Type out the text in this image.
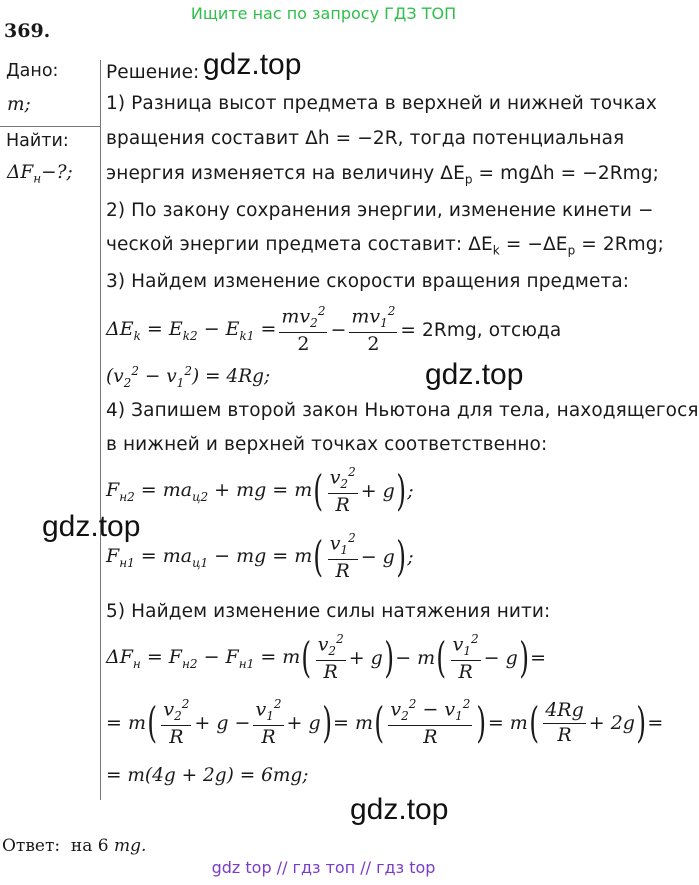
Ищите нас по запросу ГДЗ ТОП
369.
Дано:
m;
Найти:
$\Delta F_н-$?;
Решение:
1) Разница высот предмета в верхней и нижней точках
вращения составит Δh = −2R, тогда потенциальная
энергия изменяется на величину $\Delta E_p = mg\Delta h = -2Rmg$;
2) По закону сохранения энергии, изменение кинети −
ческой энергии предмета составит: $\Delta E_k = -\Delta E_p = 2Rmg$;
3) Найдем изменение скорости вращения предмета:
$\Delta E_k = E_{k2} - E_{k1} = \frac{mv_2^2}{2} - \frac{mv_1^2}{2} = 2Rmg$, отсюда
$(v_2^2 - v_1^2) = 4Rg$;
4) Запишем второй закон Ньютона для тела, находящегося
в нижней и верхней точках соответственно:
$F_{н2} = ma_{ц2}$ + mg = m ( $\frac{v_2^2}{R} + g$ ) ;
$F_{н1} = ma_{ц1}$ − mg = m ( $\frac{v_1^2}{R} - g$ ) ;
5) Найдем изменение силы натяжения нити:
$\Delta F_н = F_{н2} - F_{н1} = m$ ( $\frac{v_2^2}{R} + g$ ) − m ( $\frac{v_1^2}{R} - g$ ) =
= m ( $\frac{v_2^2}{R} + g - \frac{v_1^2}{R} + g$ ) = m ( $\frac{v_2^2 - v_1^2}{R}$ ) = m ( $\frac{4Rg}{R} + 2g$ ) =
= m(4g + 2g) = 6mg;
Ответ: на 6 mg.
gdz.top
gdz.top
gdz.top
gdz.top
gdz top // гдз топ // гдз top
